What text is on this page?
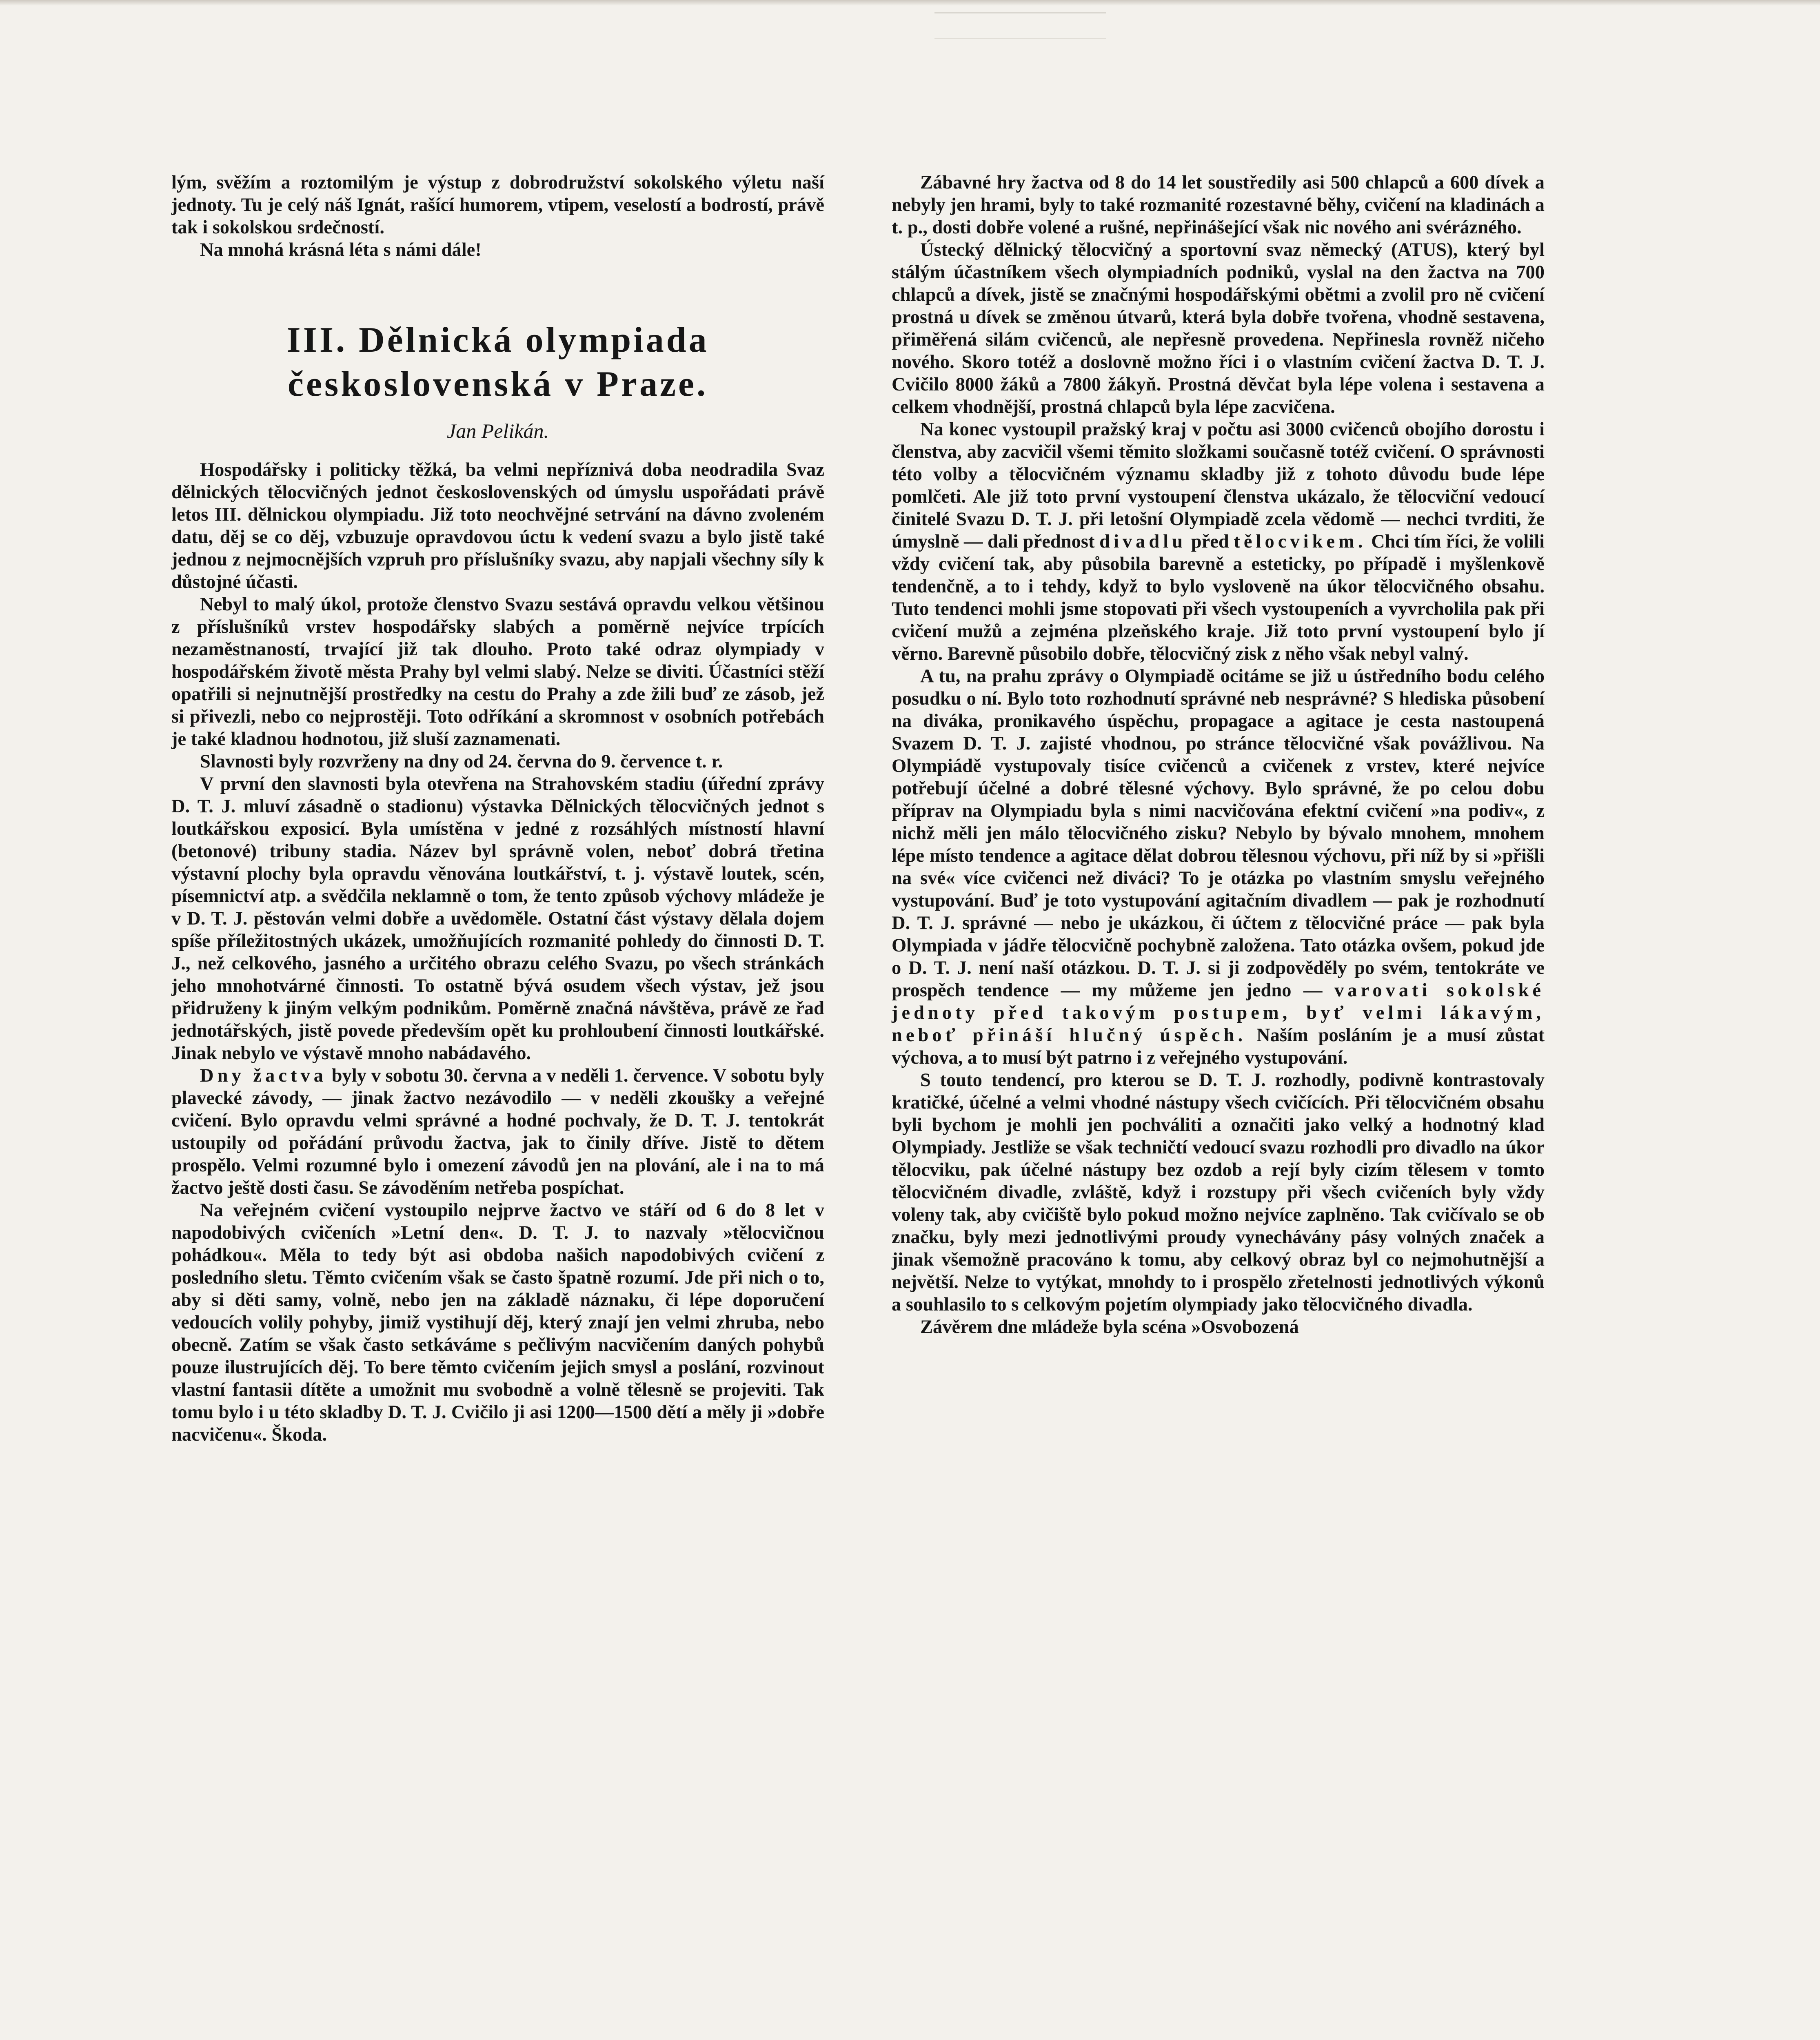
lým, svěžím a roztomilým je výstup z dobrodružství sokolského výletu naší jednoty. Tu je celý náš Ignát, rašící humorem, vtipem, veselostí a bodrostí, právě tak i sokolskou srdečností.

Na mnohá krásná léta s námi dále!

III. Dělnická olympiada
československá v Praze.
Jan Pelikán.

Hospodářsky i politicky těžká, ba velmi nepříznivá doba neodradila Svaz dělnických tělocvičných jednot československých od úmyslu uspořádati právě letos III. dělnickou olympiadu. Již toto neochvějné setrvání na dávno zvoleném datu, děj se co děj, vzbuzuje opravdovou úctu k vedení svazu a bylo jistě také jednou z nejmocnějších vzpruh pro příslušníky svazu, aby napjali všechny síly k důstojné účasti.

Nebyl to malý úkol, protože členstvo Svazu sestává opravdu velkou většinou z příslušníků vrstev hospodářsky slabých a poměrně nejvíce trpících nezaměstnaností, trvající již tak dlouho. Proto také odraz olympiady v hospodářském životě města Prahy byl velmi slabý. Nelze se diviti. Účastníci stěží opatřili si nejnutnější prostředky na cestu do Prahy a zde žili buď ze zásob, jež si přivezli, nebo co nejprostěji. Toto odříkání a skromnost v osobních potřebách je také kladnou hodnotou, již sluší zaznamenati.

Slavnosti byly rozvrženy na dny od 24. června do 9. července t. r.

V první den slavnosti byla otevřena na Strahovském stadiu (úřední zprávy D. T. J. mluví zásadně o stadionu) výstavka Dělnických tělocvičných jednot s loutkářskou exposicí. Byla umístěna v jedné z rozsáhlých místností hlavní (betonové) tribuny stadia. Název byl správně volen, neboť dobrá třetina výstavní plochy byla opravdu věnována loutkářství, t. j. výstavě loutek, scén, písemnictví atp. a svědčila neklamně o tom, že tento způsob výchovy mládeže je v D. T. J. pěstován velmi dobře a uvědoměle. Ostatní část výstavy dělala dojem spíše příležitostných ukázek, umožňujících rozmanité pohledy do činnosti D. T. J., než celkového, jasného a určitého obrazu celého Svazu, po všech stránkách jeho mnohotvárné činnosti. To ostatně bývá osudem všech výstav, jež jsou přidruženy k jiným velkým podnikům. Poměrně značná návštěva, právě ze řad jednotářských, jistě povede především opět ku prohloubení činnosti loutkářské. Jinak nebylo ve výstavě mnoho nabádavého.

Dny žactva byly v sobotu 30. června a v neděli 1. července. V sobotu byly plavecké závody, — jinak žactvo nezávodilo — v neděli zkoušky a veřejné cvičení. Bylo opravdu velmi správné a hodné pochvaly, že D. T. J. tentokrát ustoupily od pořádání průvodu žactva, jak to činily dříve. Jistě to dětem prospělo. Velmi rozumné bylo i omezení závodů jen na plování, ale i na to má žactvo ještě dosti času. Se závoděním netřeba pospíchat.

Na veřejném cvičení vystoupilo nejprve žactvo ve stáří od 6 do 8 let v napodobivých cvičeních »Letní den«. D. T. J. to nazvaly »tělocvičnou pohádkou«. Měla to tedy být asi obdoba našich napodobivých cvičení z posledního sletu. Těmto cvičením však se často špatně rozumí. Jde při nich o to, aby si děti samy, volně, nebo jen na základě náznaku, či lépe doporučení vedoucích volily pohyby, jimiž vystihují děj, který znají jen velmi zhruba, nebo obecně. Zatím se však často setkáváme s pečlivým nacvičením daných pohybů pouze ilustrujících děj. To bere těmto cvičením jejich smysl a poslání, rozvinout vlastní fantasii dítěte a umožnit mu svobodně a volně tělesně se projeviti. Tak tomu bylo i u této skladby D. T. J. Cvičilo ji asi 1200—1500 dětí a měly ji »dobře nacvičenu«. Škoda.

Zábavné hry žactva od 8 do 14 let soustředily asi 500 chlapců a 600 dívek a nebyly jen hrami, byly to také rozmanité rozestavné běhy, cvičení na kladinách a t. p., dosti dobře volené a rušné, nepřinášející však nic nového ani svérázného.

Ústecký dělnický tělocvičný a sportovní svaz německý (ATUS), který byl stálým účastníkem všech olympiadních podniků, vyslal na den žactva na 700 chlapců a dívek, jistě se značnými hospodářskými obětmi a zvolil pro ně cvičení prostná u dívek se změnou útvarů, která byla dobře tvořena, vhodně sestavena, přiměřená silám cvičenců, ale nepřesně provedena. Nepřinesla rovněž ničeho nového. Skoro totéž a doslovně možno říci i o vlastním cvičení žactva D. T. J. Cvičilo 8000 žáků a 7800 žákyň. Prostná děvčat byla lépe volena i sestavena a celkem vhodnější, prostná chlapců byla lépe zacvičena.

Na konec vystoupil pražský kraj v počtu asi 3000 cvičenců obojího dorostu i členstva, aby zacvičil všemi těmito složkami současně totéž cvičení. O správnosti této volby a tělocvičném významu skladby již z tohoto důvodu bude lépe pomlčeti. Ale již toto první vystoupení členstva ukázalo, že tělocviční vedoucí činitelé Svazu D. T. J. při letošní Olympiadě zcela vědomě — nechci tvrditi, že úmyslně — dali přednost divadlu před tělocvikem. Chci tím říci, že volili vždy cvičení tak, aby působila barevně a esteticky, po případě i myšlenkově tendenčně, a to i tehdy, když to bylo vysloveně na úkor tělocvičného obsahu. Tuto tendenci mohli jsme stopovati při všech vystoupeních a vyvrcholila pak při cvičení mužů a zejména plzeňského kraje. Již toto první vystoupení bylo jí věrno. Barevně působilo dobře, tělocvičný zisk z něho však nebyl valný.

A tu, na prahu zprávy o Olympiadě ocitáme se již u ústředního bodu celého posudku o ní. Bylo toto rozhodnutí správné neb nesprávné? S hlediska působení na diváka, pronikavého úspěchu, propagace a agitace je cesta nastoupená Svazem D. T. J. zajisté vhodnou, po stránce tělocvičné však povážlivou. Na Olympiádě vystupovaly tisíce cvičenců a cvičenek z vrstev, které nejvíce potřebují účelné a dobré tělesné výchovy. Bylo správné, že po celou dobu příprav na Olympiadu byla s nimi nacvičována efektní cvičení »na podiv«, z nichž měli jen málo tělocvičného zisku? Nebylo by bývalo mnohem, mnohem lépe místo tendence a agitace dělat dobrou tělesnou výchovu, při níž by si »přišli na své« více cvičenci než diváci? To je otázka po vlastním smyslu veřejného vystupování. Buď je toto vystupování agitačním divadlem — pak je rozhodnutí D. T. J. správné — nebo je ukázkou, či účtem z tělocvičné práce — pak byla Olympiada v jádře tělocvičně pochybně založena. Tato otázka ovšem, pokud jde o D. T. J. není naší otázkou. D. T. J. si ji zodpověděly po svém, tentokráte ve prospěch tendence — my můžeme jen jedno — varovati sokolské jednoty před takovým postupem, byť velmi lákavým, neboť přináší hlučný úspěch. Naším posláním je a musí zůstat výchova, a to musí být patrno i z veřejného vystupování.

S touto tendencí, pro kterou se D. T. J. rozhodly, podivně kontrastovaly kratičké, účelné a velmi vhodné nástupy všech cvičících. Při tělocvičném obsahu byli bychom je mohli jen pochváliti a označiti jako velký a hodnotný klad Olympiady. Jestliže se však techničtí vedoucí svazu rozhodli pro divadlo na úkor tělocviku, pak účelné nástupy bez ozdob a rejí byly cizím tělesem v tomto tělocvičném divadle, zvláště, když i rozstupy při všech cvičeních byly vždy voleny tak, aby cvičiště bylo pokud možno nejvíce zaplněno. Tak cvičívalo se ob značku, byly mezi jednotlivými proudy vynechávány pásy volných značek a jinak všemožně pracováno k tomu, aby celkový obraz byl co nejmohutnější a největší. Nelze to vytýkat, mnohdy to i prospělo zřetelnosti jednotlivých výkonů a souhlasilo to s celkovým pojetím olympiady jako tělocvičného divadla.

Závěrem dne mládeže byla scéna »Osvobozená
